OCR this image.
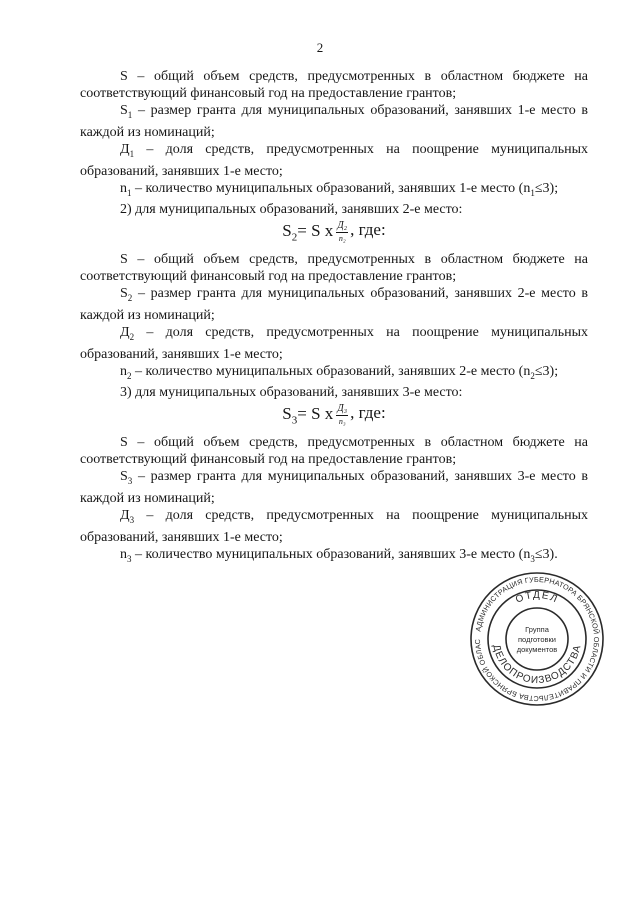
2

S – общий объем средств, предусмотренных в областном бюджете на соответствующий финансовый год на предоставление грантов;

$S_1$ – размер гранта для муниципальных образований, занявших 1-е место в каждой из номинаций;

$Д_1$ – доля средств, предусмотренных на поощрение муниципальных образований, занявших 1-е место;

$n_1$ – количество муниципальных образований, занявших 1-е место $(n_1\le 3)$;

2) для муниципальных образований, занявших 2-е место:

$S_2= S$ x $\frac{\text{Д₂}}{\text{n₂}}$ , где:

S – общий объем средств, предусмотренных в областном бюджете на соответствующий финансовый год на предоставление грантов;

$S_2$ – размер гранта для муниципальных образований, занявших 2-е место в каждой из номинаций;

$Д_2$ – доля средств, предусмотренных на поощрение муниципальных образований, занявших 1-е место;

$n_2$ – количество муниципальных образований, занявших 2-е место $(n_2\le 3)$;

3) для муниципальных образований, занявших 3-е место:

$S_3= S$ x $\frac{\text{Д₃}}{\text{n₃}}$ , где:

S – общий объем средств, предусмотренных в областном бюджете на соответствующий финансовый год на предоставление грантов;

$S_3$ – размер гранта для муниципальных образований, занявших 3-е место в каждой из номинаций;

$Д_3$ – доля средств, предусмотренных на поощрение муниципальных образований, занявших 1-е место;

$n_3$ – количество муниципальных образований, занявших 3-е место $(n_3\le 3)$.

АДМИНИСТРАЦИЯ ГУБЕРНАТОРА БРЯНСКОЙ ОБЛАСТИ И ПРАВИТЕЛЬСТВА БРЯНСКОЙ ОБЛАС
ОТДЕЛ
ДЕЛОПРОИЗВОДСТВА
Группа
подготовки
документов
